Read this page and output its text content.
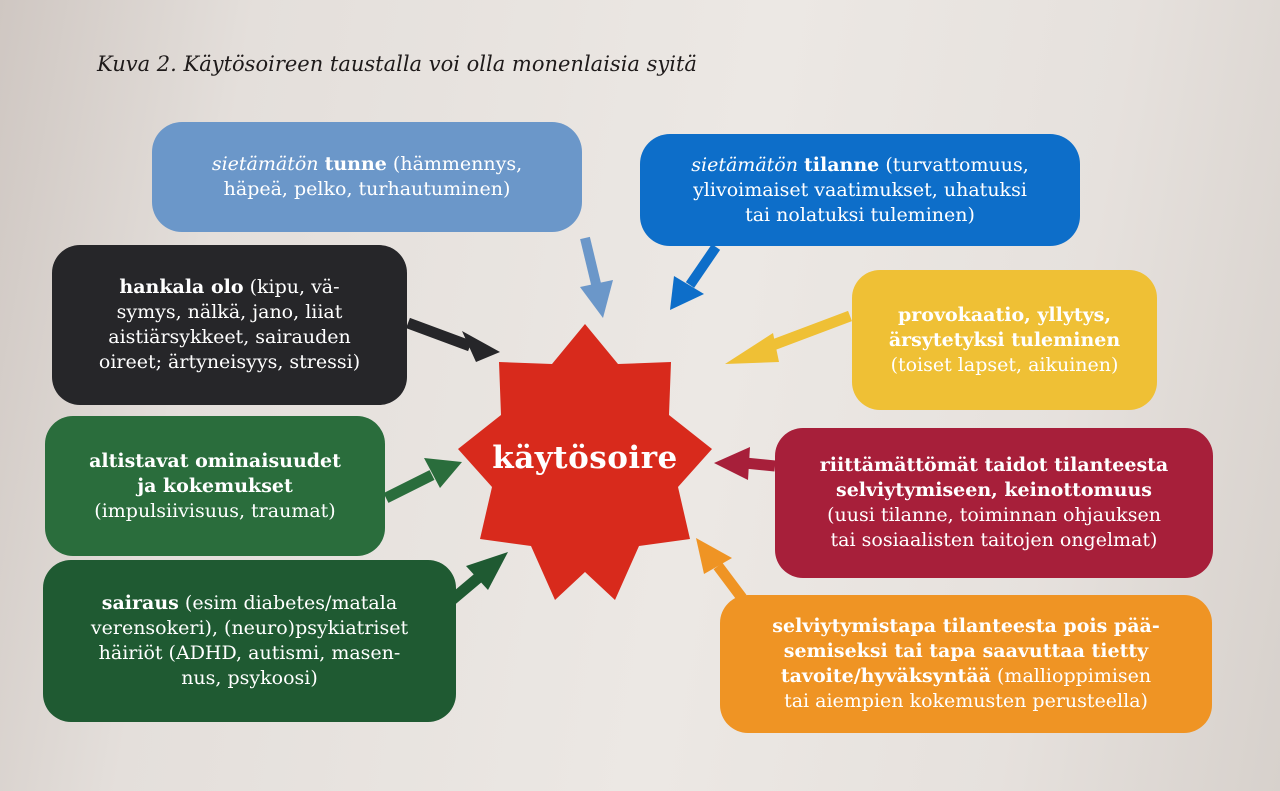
Kuva 2. Käytösoireen taustalla voi olla monenlaisia syitä
käytösoire
sietämätön tunne (hämmennys,
häpeä, pelko, turhautuminen)
sietämätön tilanne (turvattomuus,
ylivoimaiset vaatimukset, uhatuksi
tai nolatuksi tuleminen)
hankala olo (kipu, vä-
symys, nälkä, jano, liiat
aistiärsykkeet, sairauden
oireet; ärtyneisyys, stressi)
provokaatio, yllytys,
ärsytetyksi tuleminen
(toiset lapset, aikuinen)
altistavat ominaisuudet
ja kokemukset
(impulsiivisuus, traumat)
riittämättömät taidot tilanteesta
selviytymiseen, keinottomuus
(uusi tilanne, toiminnan ohjauksen
tai sosiaalisten taitojen ongelmat)
sairaus (esim diabetes/matala
verensokeri), (neuro)psykiatriset
häiriöt (ADHD, autismi, masen-
nus, psykoosi)
selviytymistapa tilanteesta pois pää-
semiseksi tai tapa saavuttaa tietty
tavoite/hyväksyntää (mallioppimisen
tai aiempien kokemusten perusteella)
